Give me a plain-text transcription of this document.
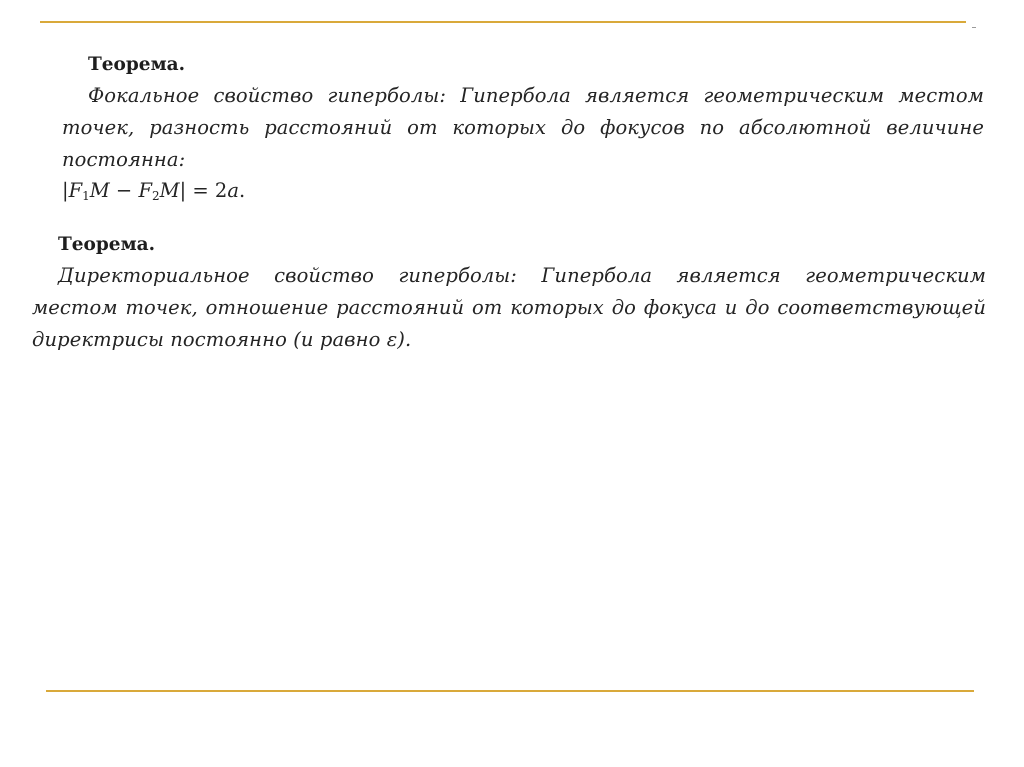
Теорема.

Фокальное свойство гиперболы: Гипербола является геометрическим местом точек, разность расстояний от которых до фокусов по абсолютной величине постоянна:

$|F_1M - F_2M| = 2a$.

Теорема.

Директориальное свойство гиперболы: Гипербола является геометрическим местом точек, отношение расстояний от которых до фокуса и до соответствующей директрисы постоянно (и равно ε).
